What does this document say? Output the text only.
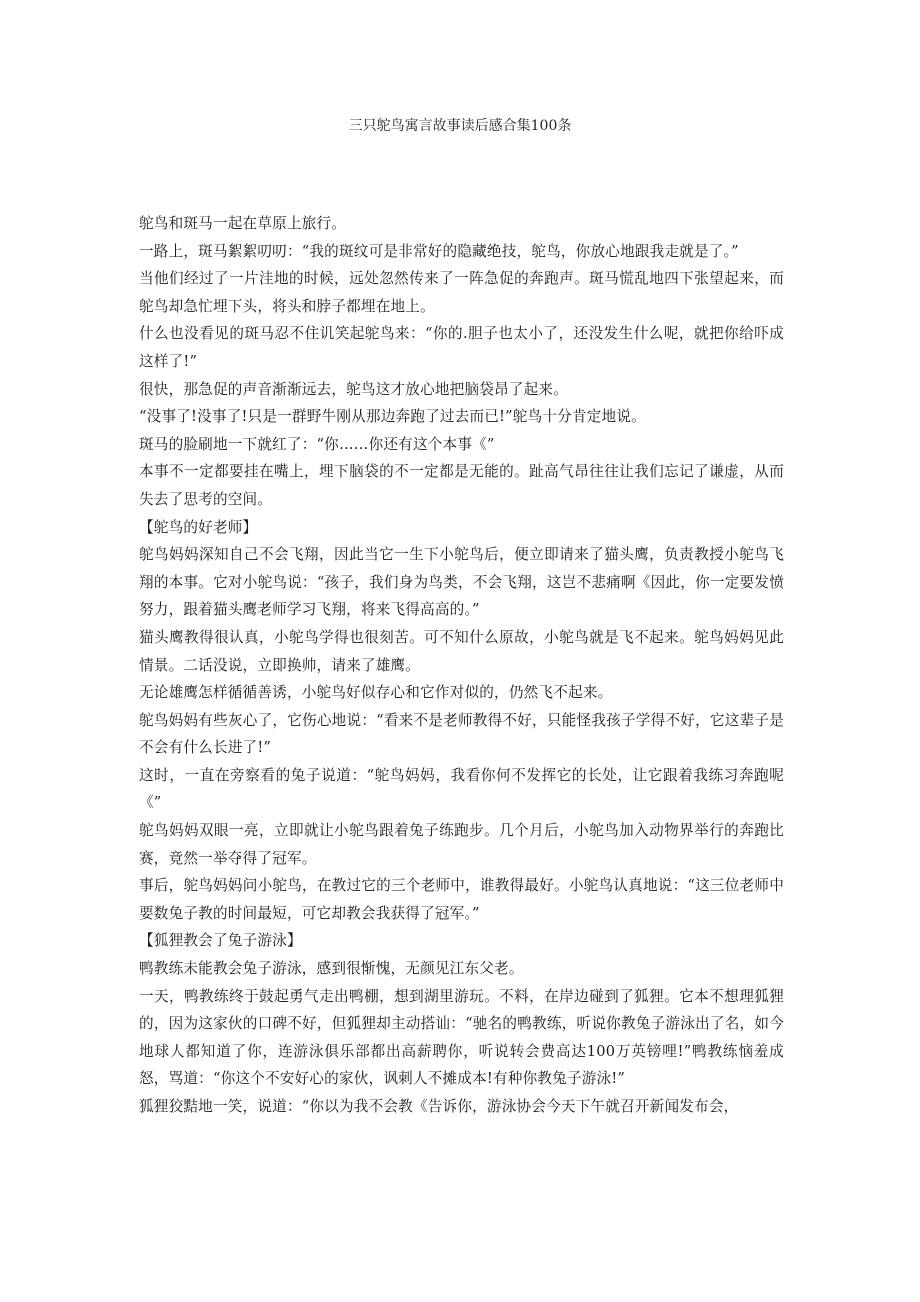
三只鸵鸟寓言故事读后感合集100条

鸵鸟和斑马一起在草原上旅行。

一路上，斑马絮絮叨叨：“我的斑纹可是非常好的隐藏绝技，鸵鸟，你放心地跟我走就是了。”

当他们经过了一片洼地的时候，远处忽然传来了一阵急促的奔跑声。斑马慌乱地四下张望起来，而鸵鸟却急忙埋下头，将头和脖子都埋在地上。

什么也没看见的斑马忍不住讥笑起鸵鸟来：“你的.胆子也太小了，还没发生什么呢，就把你给吓成这样了!”

很快，那急促的声音渐渐远去，鸵鸟这才放心地把脑袋昂了起来。

“没事了!没事了!只是一群野牛刚从那边奔跑了过去而已!”鸵鸟十分肯定地说。

斑马的脸刷地一下就红了：“你……你还有这个本事《”

本事不一定都要挂在嘴上，埋下脑袋的不一定都是无能的。趾高气昂往往让我们忘记了谦虚，从而失去了思考的空间。

【鸵鸟的好老师】

鸵鸟妈妈深知自己不会飞翔，因此当它一生下小鸵鸟后，便立即请来了猫头鹰，负责教授小鸵鸟飞翔的本事。它对小鸵鸟说：“孩子，我们身为鸟类，不会飞翔，这岂不悲痛啊《因此，你一定要发愤努力，跟着猫头鹰老师学习飞翔，将来飞得高高的。”

猫头鹰教得很认真，小鸵鸟学得也很刻苦。可不知什么原故，小鸵鸟就是飞不起来。鸵鸟妈妈见此情景。二话没说，立即换帅，请来了雄鹰。

无论雄鹰怎样循循善诱，小鸵鸟好似存心和它作对似的，仍然飞不起来。

鸵鸟妈妈有些灰心了，它伤心地说：“看来不是老师教得不好，只能怪我孩子学得不好，它这辈子是不会有什么长进了!”

这时，一直在旁察看的兔子说道：“鸵鸟妈妈，我看你何不发挥它的长处，让它跟着我练习奔跑呢《”

鸵鸟妈妈双眼一亮，立即就让小鸵鸟跟着兔子练跑步。几个月后，小鸵鸟加入动物界举行的奔跑比赛，竟然一举夺得了冠军。

事后，鸵鸟妈妈问小鸵鸟，在教过它的三个老师中，谁教得最好。小鸵鸟认真地说：“这三位老师中要数兔子教的时间最短，可它却教会我获得了冠军。”

【狐狸教会了兔子游泳】

鸭教练未能教会兔子游泳，感到很惭愧，无颜见江东父老。

一天，鸭教练终于鼓起勇气走出鸭棚，想到湖里游玩。不料，在岸边碰到了狐狸。它本不想理狐狸的，因为这家伙的口碑不好，但狐狸却主动搭讪：“驰名的鸭教练，听说你教兔子游泳出了名，如今地球人都知道了你，连游泳俱乐部都出高薪聘你，听说转会费高达100万英镑哩!”鸭教练恼羞成怒，骂道：“你这个不安好心的家伙，讽刺人不摊成本!有种你教兔子游泳!”

狐狸狡黠地一笑，说道：“你以为我不会教《告诉你，游泳协会今天下午就召开新闻发布会，
